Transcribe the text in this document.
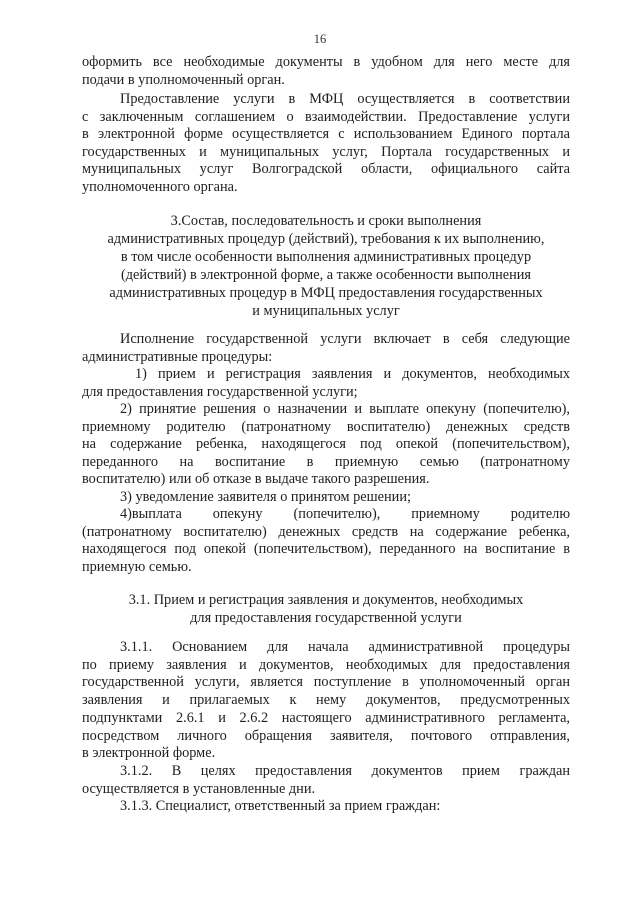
16
оформить все необходимые документы в удобном для него месте для
подачи в уполномоченный орган.
Предоставление услуги в МФЦ осуществляется в соответствии
с заключенным соглашением о взаимодействии. Предоставление услуги
в электронной форме осуществляется с использованием Единого портала
государственных и муниципальных услуг, Портала государственных и
муниципальных услуг Волгоградской области, официального сайта
уполномоченного органа.
3.Состав, последовательность и сроки выполнения
административных процедур (действий), требования к их выполнению,
в том числе особенности выполнения административных процедур
(действий) в электронной форме, а также особенности выполнения
административных процедур в МФЦ предоставления государственных
и муниципальных услуг
Исполнение государственной услуги включает в себя следующие
административные процедуры:
1) прием и регистрация заявления и документов, необходимых
для предоставления государственной услуги;
2) принятие решения о назначении и выплате опекуну (попечителю),
приемному родителю (патронатному воспитателю) денежных средств
на содержание ребенка, находящегося под опекой (попечительством),
переданного на воспитание в приемную семью (патронатному
воспитателю) или об отказе в выдаче такого разрешения.
3) уведомление заявителя о принятом решении;
4)выплата опекуну (попечителю), приемному родителю
(патронатному воспитателю) денежных средств на содержание ребенка,
находящегося под опекой (попечительством), переданного на воспитание в
приемную семью.
3.1. Прием и регистрация заявления и документов, необходимых
для предоставления государственной услуги
3.1.1. Основанием для начала административной процедуры
по приему заявления и документов, необходимых для предоставления
государственной услуги, является поступление в уполномоченный орган
заявления и прилагаемых к нему документов, предусмотренных
подпунктами 2.6.1 и 2.6.2 настоящего административного регламента,
посредством личного обращения заявителя, почтового отправления,
в электронной форме.
3.1.2. В целях предоставления документов прием граждан
осуществляется в установленные дни.
3.1.3. Специалист, ответственный за прием граждан:
